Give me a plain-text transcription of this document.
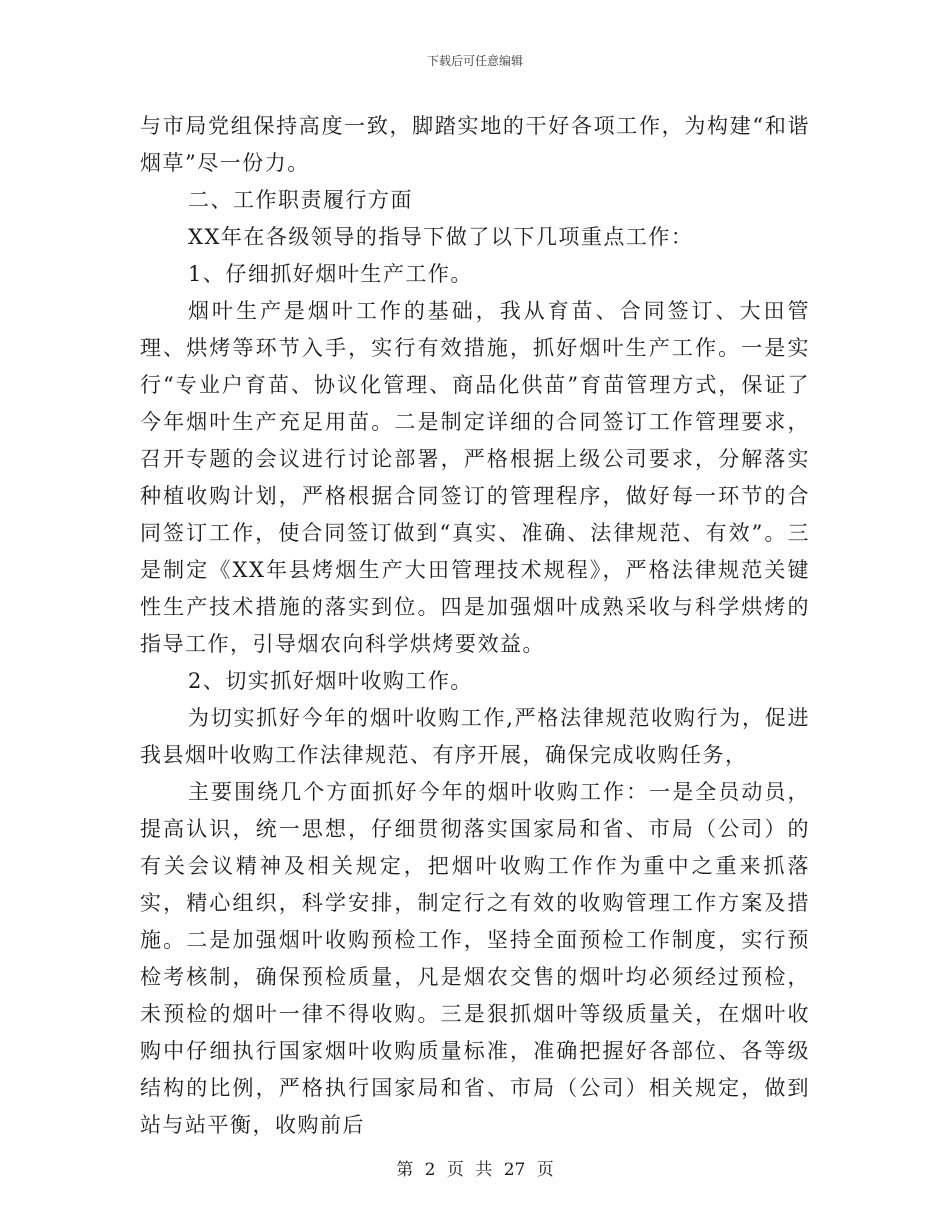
下载后可任意编辑

与市局党组保持高度一致，脚踏实地的干好各项工作，为构建“和谐烟草”尽一份力。

二、工作职责履行方面

XX年在各级领导的指导下做了以下几项重点工作：

1、仔细抓好烟叶生产工作。

烟叶生产是烟叶工作的基础，我从育苗、合同签订、大田管理、烘烤等环节入手，实行有效措施，抓好烟叶生产工作。一是实行“专业户育苗、协议化管理、商品化供苗”育苗管理方式，保证了今年烟叶生产充足用苗。二是制定详细的合同签订工作管理要求，召开专题的会议进行讨论部署，严格根据上级公司要求，分解落实种植收购计划，严格根据合同签订的管理程序，做好每一环节的合同签订工作，使合同签订做到“真实、准确、法律规范、有效”。三是制定《XX年县烤烟生产大田管理技术规程》，严格法律规范关键性生产技术措施的落实到位。四是加强烟叶成熟采收与科学烘烤的指导工作，引导烟农向科学烘烤要效益。

2、切实抓好烟叶收购工作。

为切实抓好今年的烟叶收购工作,严格法律规范收购行为，促进我县烟叶收购工作法律规范、有序开展，确保完成收购任务，

主要围绕几个方面抓好今年的烟叶收购工作：一是全员动员，提高认识，统一思想，仔细贯彻落实国家局和省、市局（公司）的有关会议精神及相关规定，把烟叶收购工作作为重中之重来抓落实，精心组织，科学安排，制定行之有效的收购管理工作方案及措施。二是加强烟叶收购预检工作，坚持全面预检工作制度，实行预检考核制，确保预检质量，凡是烟农交售的烟叶均必须经过预检，未预检的烟叶一律不得收购。三是狠抓烟叶等级质量关，在烟叶收购中仔细执行国家烟叶收购质量标准，准确把握好各部位、各等级结构的比例，严格执行国家局和省、市局（公司）相关规定，做到站与站平衡，收购前后

第 2 页 共 27 页
